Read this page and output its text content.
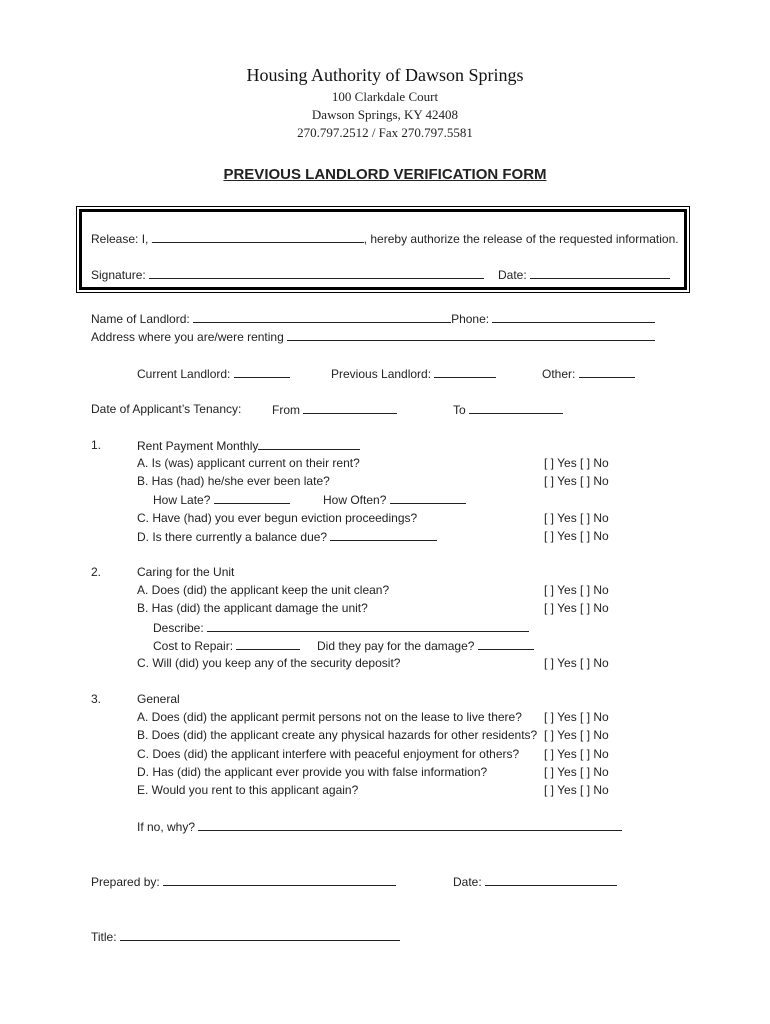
Housing Authority of Dawson Springs
100 Clarkdale Court
Dawson Springs, KY 42408
270.797.2512 / Fax 270.797.5581
PREVIOUS LANDLORD VERIFICATION FORM
Release: I,	, hereby authorize the release of the requested information.
Signature:	Date:
Name of Landlord:	Phone:
Address where you are/were renting
Current Landlord:	Previous Landlord:	Other:
Date of Applicant’s Tenancy:	From	To
1.	Rent Payment Monthly
A. Is (was) applicant current on their rent?	[ ] Yes [ ] No
B. Has (had) he/she ever been late?	[ ] Yes [ ] No
How Late?	How Often?
C. Have (had) you ever begun eviction proceedings?	[ ] Yes [ ] No
D. Is there currently a balance due?	[ ] Yes [ ] No
2.	Caring for the Unit
A. Does (did) the applicant keep the unit clean?	[ ] Yes [ ] No
B. Has (did) the applicant damage the unit?	[ ] Yes [ ] No
Describe:
Cost to Repair:	Did they pay for the damage?
C. Will (did) you keep any of the security deposit?	[ ] Yes [ ] No
3.	General
A. Does (did) the applicant permit persons not on the lease to live there? [ ] Yes [ ] No
B. Does (did) the applicant create any physical hazards for other residents? [ ] Yes [ ] No
C. Does (did) the applicant interfere with peaceful enjoyment for others? [ ] Yes [ ] No
D. Has (did) the applicant ever provide you with false information?	[ ] Yes [ ] No
E. Would you rent to this applicant again?	[ ] Yes [ ] No
If no, why?
Prepared by:	Date:
Title:
